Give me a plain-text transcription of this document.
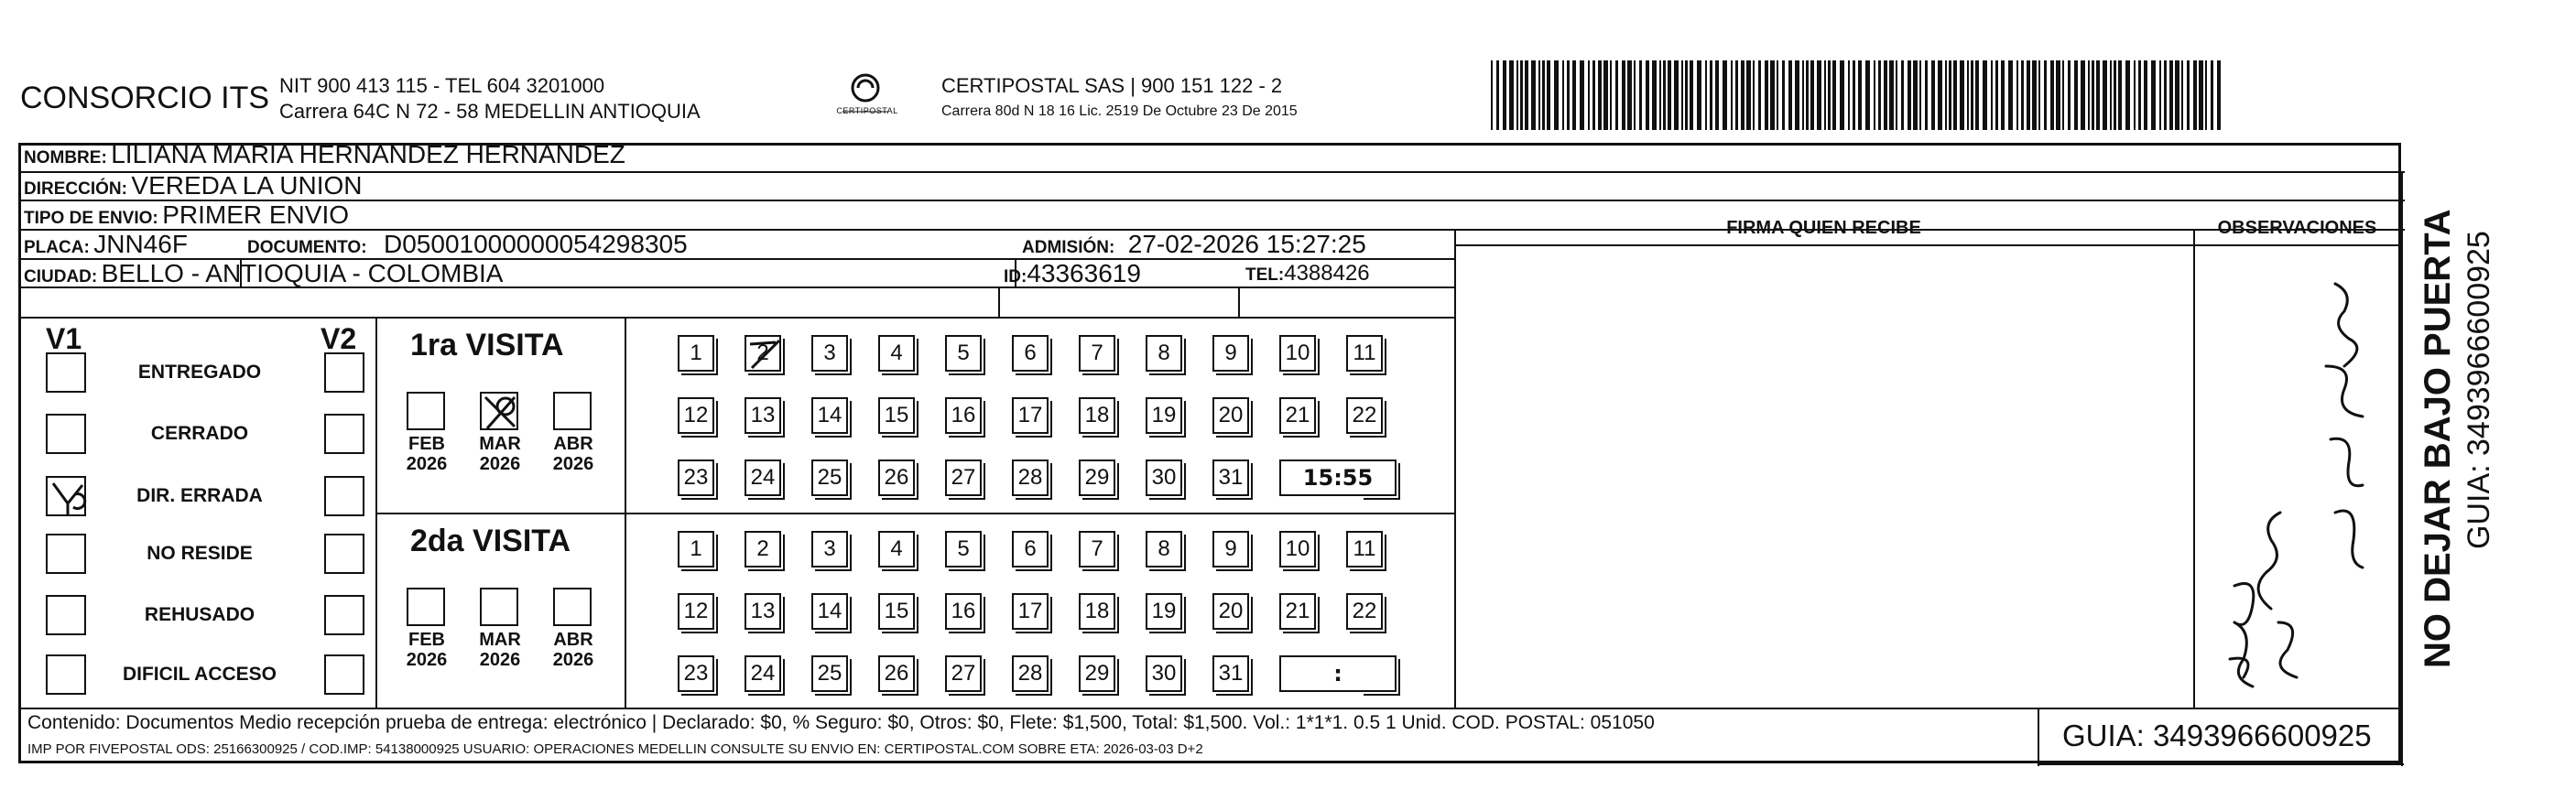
CONSORCIO ITS NIT 900 413 115 - TEL 604 3201000
Carrera 64C N 72 - 58 MEDELLIN ANTIOQUIA	CERTIPOSTAL
CERTIPOSTAL SAS | 900 151 122 - 2
Carrera 80d N 18 16 Lic. 2519 De Octubre 23 De 2015
NOMBRE: LILIANA MARIA HERNANDEZ HERNANDEZ
DIRECCIÓN: VEREDA LA UNION
TIPO DE ENVIO: PRIMER ENVIO
PLACA: JNN46F	DOCUMENTO: D05001000000054298305	ADMISIÓN: 27-02-2026 15:27:25
CIUDAD: BELLO - ANTIOQUIA - COLOMBIA	ID:43363619	TEL:4388426
FIRMA QUIEN RECIBE	OBSERVACIONES
V1	V2
ENTREGADO
CERRADO
DIR. ERRADA
NO RESIDE
REHUSADO
DIFICIL ACCESO
1ra VISITA
FEB
2026
MAR
2026
ABR
2026
1 2 3 4 5 6 7 8 9 10 11
12 13 14 15 16 17 18 19 20 21 22
23 24 25 26 27 28 29 30 31	15:55
2da VISITA
FEB
2026
MAR
2026
ABR
2026
1 2 3 4 5 6 7 8 9 10 11
12 13 14 15 16 17 18 19 20 21 22
23 24 25 26 27 28 29 30 31	:
Contenido: Documentos Medio recepción prueba de entrega: electrónico | Declarado: $0, % Seguro: $0, Otros: $0, Flete: $1,500, Total: $1,500. Vol.: 1*1*1. 0.5 1 Unid. COD. POSTAL: 051050
IMP POR FIVEPOSTAL ODS: 25166300925 / COD.IMP: 54138000925 USUARIO: OPERACIONES MEDELLIN CONSULTE SU ENVIO EN: CERTIPOSTAL.COM SOBRE ETA: 2026-03-03 D+2	GUIA: 3493966600925
NO DEJAR BAJO PUERTA GUIA: 3493966600925
